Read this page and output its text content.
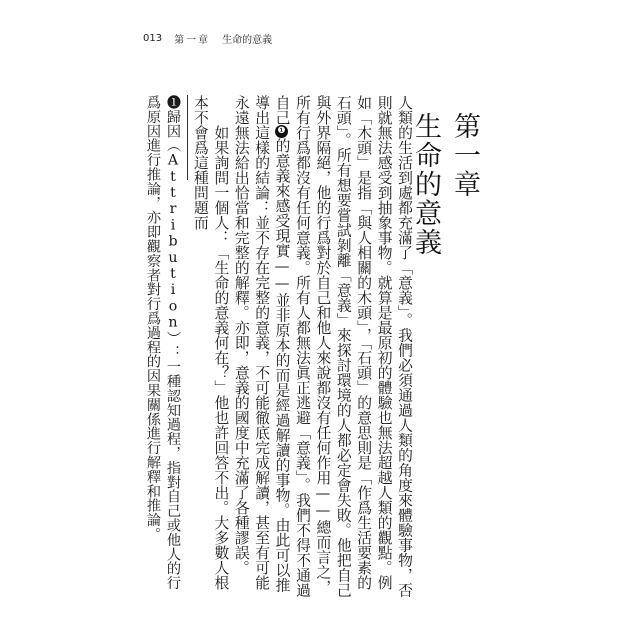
013 第一章 生命的意義
第一章生命的意義

人類的生活到處都充滿了「意義」。我們必須通過人類的角度來體驗事物，否則就無法感受到抽象事物。就算是最原初的體驗也無法超越人類的觀點。例如「木頭」是指「與人相關的木頭」，「石頭」的意思則是「作爲生活要素的石頭」。所有想要嘗試剝離「意義」來探討環境的人都必定會失敗。他把自己與外界隔絕，他的行爲對於自己和他人來說都沒有任何作用——總而言之，所有行爲都沒有任何意義。所有人都無法眞正逃避「意義」。我們不得不通過自己❶的意義來感受現實——並非原本的而是經過解讀的事物。由此可以推導出這樣的結論：並不存在完整的意義，不可能徹底完成解讀，甚至有可能永遠無法給出恰當和完整的解釋。亦即，意義的國度中充滿了各種謬誤。

如果詢問一個人：「生命的意義何在？」他也許回答不出。大多數人根本不會爲這種問題而

❶歸因（Attribution）：一種認知過程，指對自己或他人的行爲原因進行推論，亦即觀察者對行爲過程的因果關係進行解釋和推論。
